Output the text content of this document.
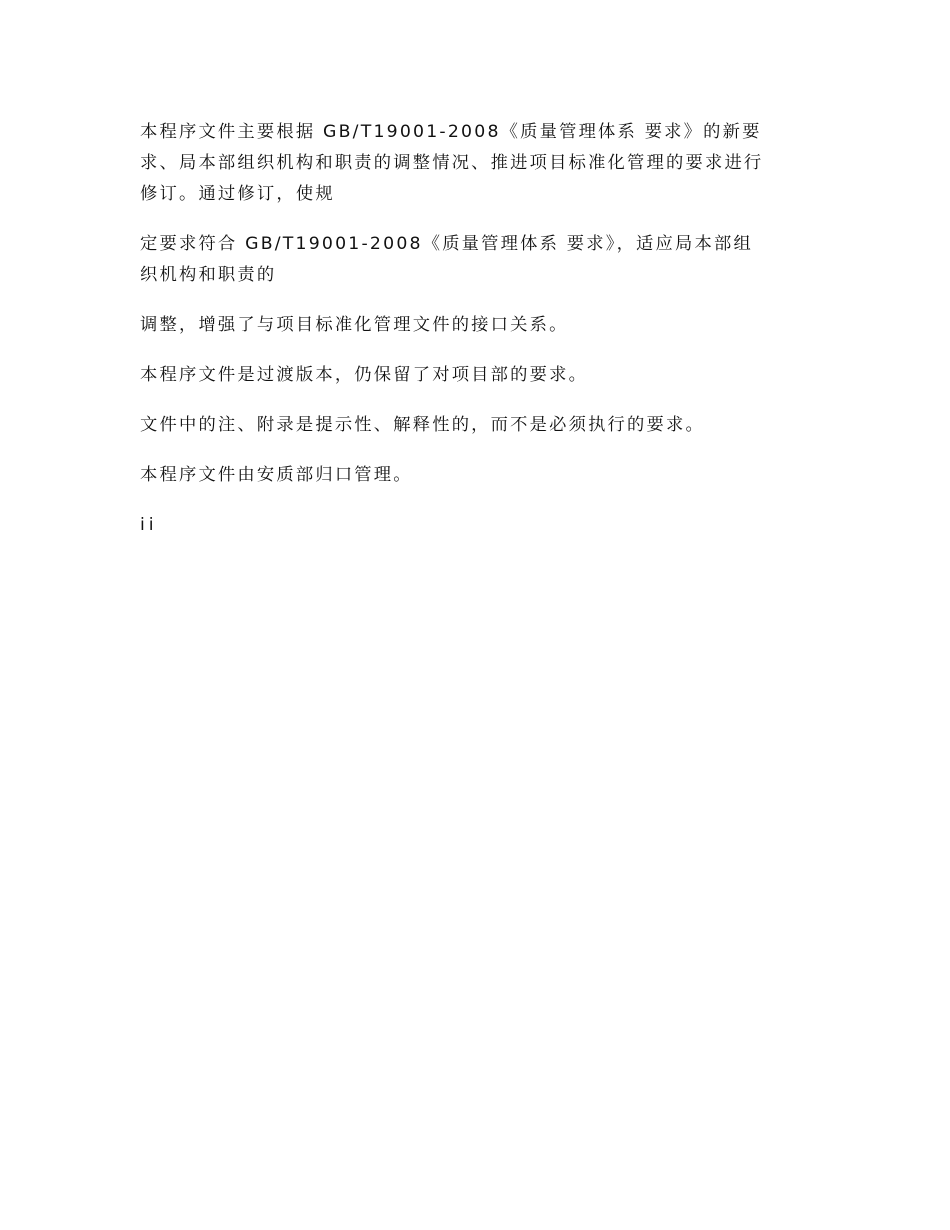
本程序文件主要根据 GB/T19001-2008《质量管理体系 要求》的新要
求、局本部组织机构和职责的调整情况、推进项目标准化管理的要求进行
修订。通过修订，使规

定要求符合 GB/T19001-2008《质量管理体系 要求》，适应局本部组
织机构和职责的

调整，增强了与项目标准化管理文件的接口关系。

本程序文件是过渡版本，仍保留了对项目部的要求。

文件中的注、附录是提示性、解释性的，而不是必须执行的要求。

本程序文件由安质部归口管理。

ii
